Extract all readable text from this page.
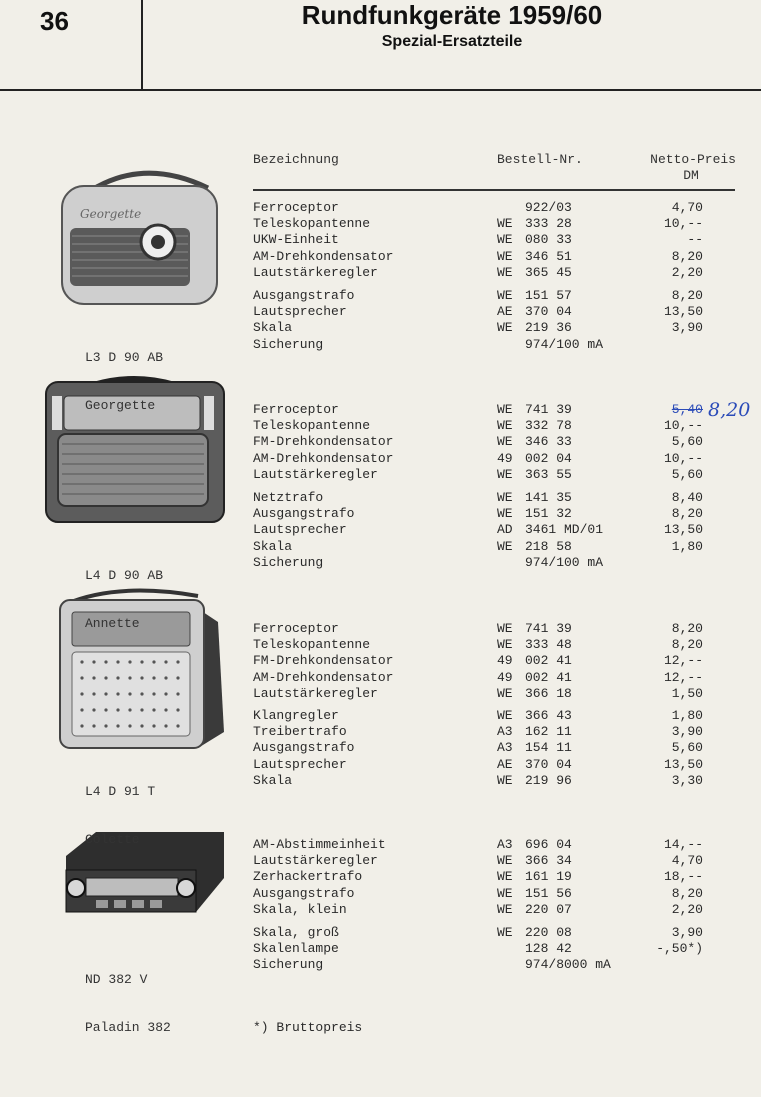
36	Rundfunkgeräte 1959/60
Spezial-Ersatzteile
Bezeichnung	Bestell-Nr.	Netto-Preis
DM
Georgette

L3 D 90 AB

Georgette

L4 D 90 AB

Annette

L4 D 91 T

Colette

ND 382 V

Paladin 382

Ferroceptor	922/03	4,70
Teleskopantenne	WE 333 28	10,--
UKW-Einheit	WE 080 33	--
AM-Drehkondensator	WE 346 51	8,20
Lautstärkeregler	WE 365 45	2,20
Ausgangstrafo	WE 151 57	8,20
Lautsprecher	AE 370 04	13,50
Skala	WE 219 36	3,90
Sicherung	974/100 mA
Ferroceptor	WE 741 39	5,40
Teleskopantenne	WE 332 78	10,--
FM-Drehkondensator	WE 346 33	5,60
AM-Drehkondensator	49 002 04	10,--
Lautstärkeregler	WE 363 55	5,60
Netztrafo	WE 141 35	8,40
Ausgangstrafo	WE 151 32	8,20
Lautsprecher	AD 3461 MD/01	13,50
Skala	WE 218 58	1,80
Sicherung	974/100 mA
Ferroceptor	WE 741 39	8,20
Teleskopantenne	WE 333 48	8,20
FM-Drehkondensator	49 002 41	12,--
AM-Drehkondensator	49 002 41	12,--
Lautstärkeregler	WE 366 18	1,50
Klangregler	WE 366 43	1,80
Treibertrafo	A3 162 11	3,90
Ausgangstrafo	A3 154 11	5,60
Lautsprecher	AE 370 04	13,50
Skala	WE 219 96	3,30
AM-Abstimmeinheit	A3 696 04	14,--
Lautstärkeregler	WE 366 34	4,70
Zerhackertrafo	WE 161 19	18,--
Ausgangstrafo	WE 151 56	8,20
Skala, klein	WE 220 07	2,20
Skala, groß	WE 220 08	3,90
Skalenlampe	128 42	-,50*)
Sicherung	974/8000 mA
8,20
*) Bruttopreis
